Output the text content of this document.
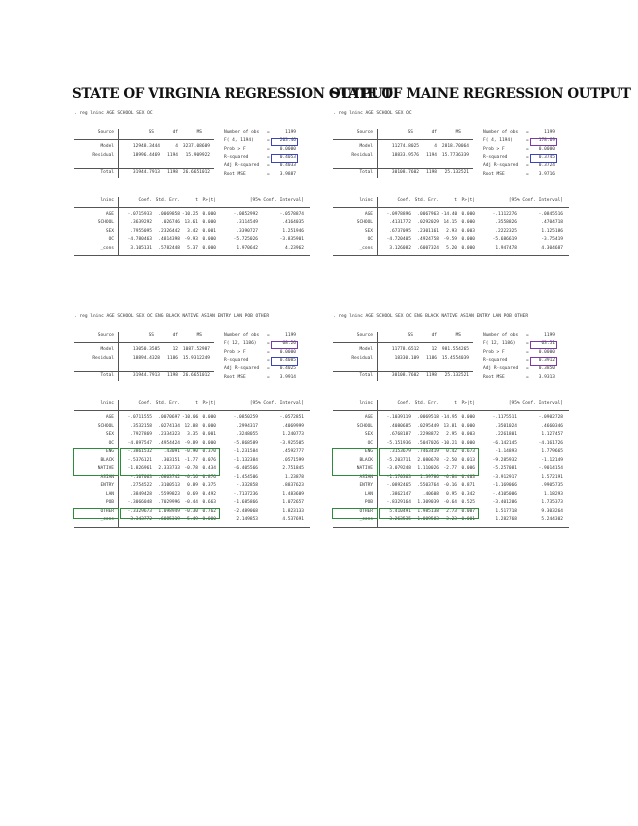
STATE OF VIRGINIA REGRESSION OUTPUT
STATE OF MAINE REGRESSION OUTPUT
. reg lninc AGE SCHOOL SEX OC
Source	SS	df	MS
Model	12948.3444	4	3237.08609
Residual	18996.4469	1194	15.909922
Total	31944.7913	1198	26.6651012
Number of obs =	1199
F( 4, 1194)	=	203.46
Prob > F	=	0.0000
R-squared	=	0.4053
Adj R-squared =	0.4033
Root MSE	=	3.9887
lninc	Coef. Std. Err.	t P>|t|	[95% Conf. Interval]
AGE	-.0715933	.0069858 -10.25 0.000	-.0852992	-.0578874
SCHOOL	.3639292	.026746 13.61 0.000	.3114549	.4164035
SEX	.7955095	.2326442	3.42 0.001	.3390727	1.251946
OC	-4.780463	.4814398 -9.93 0.000	-5.725026	-3.835901
_cons	3.105131	.5782448	5.37 0.000	1.970642	4.23962
. reg lninc AGE SCHOOL SEX OC
Source	SS	df	MS
Model	11274.8025	4	2818.70064
Residual	18833.9576	1194	15.7736339
Total	30108.7602	1198	25.132521
Number of obs =	1199
F( 4, 1194)	=	178.69
Prob > F	=	0.0000
R-squared	=	0.3745
Adj R-squared =	0.3724
Root MSE	=	3.9716
lninc	Coef. Std. Err.	t P>|t|	[95% Conf. Interval]
AGE	-.0978896	.0067963 -14.40 0.000	-.1112276	-.0845516
SCHOOL	.4131772	.0292029 14.15 0.000	.3558826	.4704718
SEX	.6737095	.2301161	2.93 0.003	.2222325	1.125186
OC	-4.720405	.4924758 -9.59 0.000	-5.686619	-3.75419
_cons	3.126082	.6007324	5.20 0.000	1.947478	4.304687
. reg lninc AGE SCHOOL SEX OC ENG BLACK NATIVE ASIAN ENTRY LAN POB OTHER
Source	SS	df	MS
Model	13050.3585	12	1087.52987
Residual	18894.4328	1186	15.9312249
Total	31944.7913	1198	26.6651012
Number of obs =	1199
F( 12, 1186) =	68.26
Prob > F	=	0.0000
R-squared	=	0.4085
Adj R-squared =	0.4025
Root MSE	=	3.9914
lninc	Coef. Std. Err.	t P>|t|	[95% Conf. Interval]
AGE	-.0711555	.0070697 -10.06 0.000	-.0850259	-.0572851
SCHOOL	.3532158	.0274134 12.88 0.000	.2994317	.4069999
SEX	.7927869	.2334323	3.35 0.001	.3248055	1.240773
OC	-4.897547	.4954424 -9.89 0.000	-5.868589	-3.925505
ENG	-.3861532	.43091 -0.90 0.370	-1.231584	.4592777
BLACK	-.5376121	.303151 -1.77 0.076	-1.132384	.0571599
NATIVE	-1.826961	2.333733 -0.78 0.434	-6.405566	2.751845
ASIAN	-.107063	.6863742 -0.16 0.876	-1.454506	1.23878
ENTRY	.2754522	.3100513	0.89 0.375	-.332858	.8837623
LAN	.3849428	.5599823	0.69 0.492	-.7137236	1.483609
POB	-.3066048	.7029996 -0.44 0.663	-1.685866	1.072657
OTHER	-.3329673	1.098949 -0.30 0.762	-2.489068	1.823133
_cons	3.343772	.6085319	5.49 0.000	2.149853	4.537691
. reg lninc AGE SCHOOL SEX OC ENG BLACK NATIVE ASIAN ENTRY LAN POB OTHER
Source	SS	df	MS
Model	11778.6512	12	981.554265
Residual	18330.109	1186	15.4554039
Total	30108.7602	1198	25.132521
Number of obs =	1199
F( 12, 1186) =	63.51
Prob > F	=	0.0000
R-squared	=	0.3912
Adj R-squared =	0.3850
Root MSE	=	3.9313
lninc	Coef. Std. Err.	t P>|t|	[95% Conf. Interval]
AGE	-.1039119	.0069518 -14.95 0.000	-.1175511	-.0902728
SCHOOL	.4080685	.0295449 13.81 0.000	.3501024	.4660346
SEX	.6768187	.2298872	2.95 0.003	.2261801	1.127457
OC	-5.151936	.5047026 -10.21 0.000	-6.142145	-4.161726
ENG	.3153679	.7463419	0.42 0.673	-1.14893	1.779665
BLACK	-5.203711	2.080678 -2.50 0.013	-9.285932	-1.12149
NATIVE	-3.079248	1.110026 -2.77 0.006	-5.257081	-.9014154
ASIAN	-1.170363	1.39786 -0.84 0.403	-3.912917	1.572191
ENTRY	-.0892465	.5503764 -0.16 0.871	-1.169066	.9905735
LAN	.3862147	.40608	0.95 0.342	-.4105006	1.18293
POB	-.8329164	1.309039 -0.64 0.525	-3.401206	1.735373
OTHER	5.410491	1.985138	2.73 0.007	1.517718	9.303264
_cons	3.263535	1.009583	3.23 0.001	1.282768	5.244302
